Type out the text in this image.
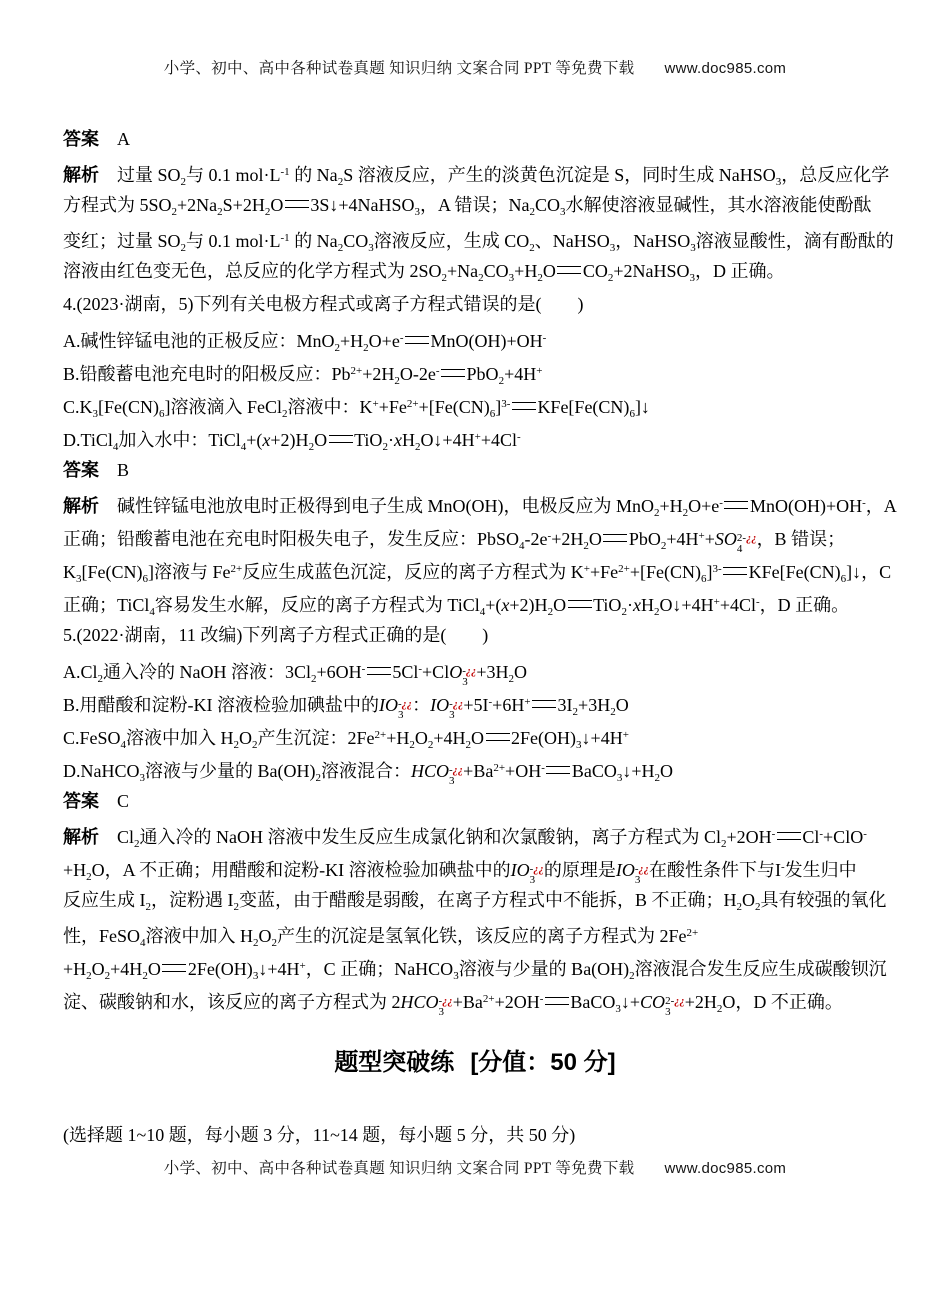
小学、初中、高中各种试卷真题 知识归纳 文案合同 PPT 等免费下载 www.doc985.com
答案　A
解析　过量 $SO_2$与 0.1 $mol\cdot L^{-1}$ 的 $Na_2S$ 溶液反应，产生的淡黄色沉淀是 S，同时生成 NaHSO$_3$，总反应化学
方程式为 $5SO_2+2Na_2S+2H_2O$ 3S↓+4NaHSO$_3$，A 错误；$Na_2CO_3$水解使溶液显碱性，其水溶液能使酚酞
变红；过量 $SO_2$与 0.1 $mol\cdot L^{-1}$ 的 $Na_2CO_3$溶液反应，生成 $CO_2$、NaHSO$_3$，NaHSO$_3$溶液显酸性，滴有酚酞的
溶液由红色变无色，总反应的化学方程式为 $2SO_2+Na_2CO_3+H_2O$ $CO_2+2NaHSO_3$，D 正确。
4.(2023·湖南，5)下列有关电极方程式或离子方程式错误的是(　　)
A.碱性锌锰电池的正极反应：$MnO_2+H_2O+e^-$ MnO(OH)+OH-
B.铅酸蓄电池充电时的阳极反应：$Pb^{2+}+2H_2O-2e^-$ PbO$_2$+4H+
$C.K_3[Fe(CN)_6]$溶液滴入 FeCl$_2$溶液中：$K^++Fe^{2+}+[Fe(CN)_6]^{3-}$ $KFe[Fe(CN)_6]↓$
D.TiCl$_4$加入水中：$TiCl_4+(x+2)H_2O$ $TiO_2\cdot xH_2O↓+4H^++4Cl^-$
答案　B
解析　碱性锌锰电池放电时正极得到电子生成 MnO(OH)，电极反应为 $MnO_2+H_2O+e^-$ MnO(OH)+OH-，A
正确；铅酸蓄电池在充电时阳极失电子，发生反应：$PbSO_4-2e^-+2H_2O$ PbO$_2$+4H++SO 2-¿¿
4 ，B 错误；
$K_3[Fe(CN)_6]$溶液与 $Fe^{2+}$反应生成蓝色沉淀，反应的离子方程式为 $K^++Fe^{2+}+[Fe(CN)_6]^{3-}$ $KFe[Fe(CN)_6]↓$，C
正确；TiCl$_4$容易发生水解，反应的离子方程式为 $TiCl_4+(x+2)H_2O$ $TiO_2\cdot xH_2O↓+4H^++4Cl^-$，D 正确。
5.(2022·湖南，11 改编)下列离子方程式正确的是(　　)
$A.Cl_2$通入冷的 NaOH 溶液：$3Cl_2+6OH^-$ 5Cl-+ClO -¿¿
$3 +3H_2O$
B.用醋酸和淀粉-KI 溶液检验加碘盐中的IO -¿¿
3 ：IO -¿¿
3 +5I-+6H+ $3I_2+3H_2O$
C.FeSO$_4$溶液中加入 $H_2O_2$产生沉淀：$2Fe^{2+}+H_2O_2+4H_2O$ $2Fe(OH)_3↓+4H^+$
D.NaHCO$_3$溶液与少量的 $Ba(OH)_2$溶液混合：HCO -¿¿
$3 +Ba^{2+}+OH^-$ $BaCO_3↓+H_2O$
答案　C
解析　$Cl_2$通入冷的 NaOH 溶液中发生反应生成氯化钠和次氯酸钠，离子方程式为 $Cl_2+2OH^-$ Cl-+ClO-
$+H_2O$，A 不正确；用醋酸和淀粉-KI 溶液检验加碘盐中的IO -¿¿
3 的原理是IO -¿¿
3 在酸性条件下与I-发生归中
反应生成 $I_2$，淀粉遇 $I_2$变蓝，由于醋酸是弱酸，在离子方程式中不能拆，B 不正确；$H_2O_2$具有较强的氧化
性，FeSO$_4$溶液中加入 $H_2O_2$产生的沉淀是氢氧化铁，该反应的离子方程式为 $2Fe^{2+}$
$+H_2O_2+4H_2O$ $2Fe(OH)_3↓+4H^+$，C 正确；NaHCO$_3$溶液与少量的 $Ba(OH)_2$溶液混合发生反应生成碳酸钡沉
淀、碳酸钠和水，该反应的离子方程式为 2HCO -¿¿
$3 +Ba^{2+}+2OH^-$ BaCO$_3$↓+CO 2-¿¿
$3 +2H_2O$，D 不正确。
题型突破练 [分值：50 分]
(选择题 1~10 题，每小题 3 分，11~14 题，每小题 5 分，共 50 分)
小学、初中、高中各种试卷真题 知识归纳 文案合同 PPT 等免费下载 www.doc985.com
